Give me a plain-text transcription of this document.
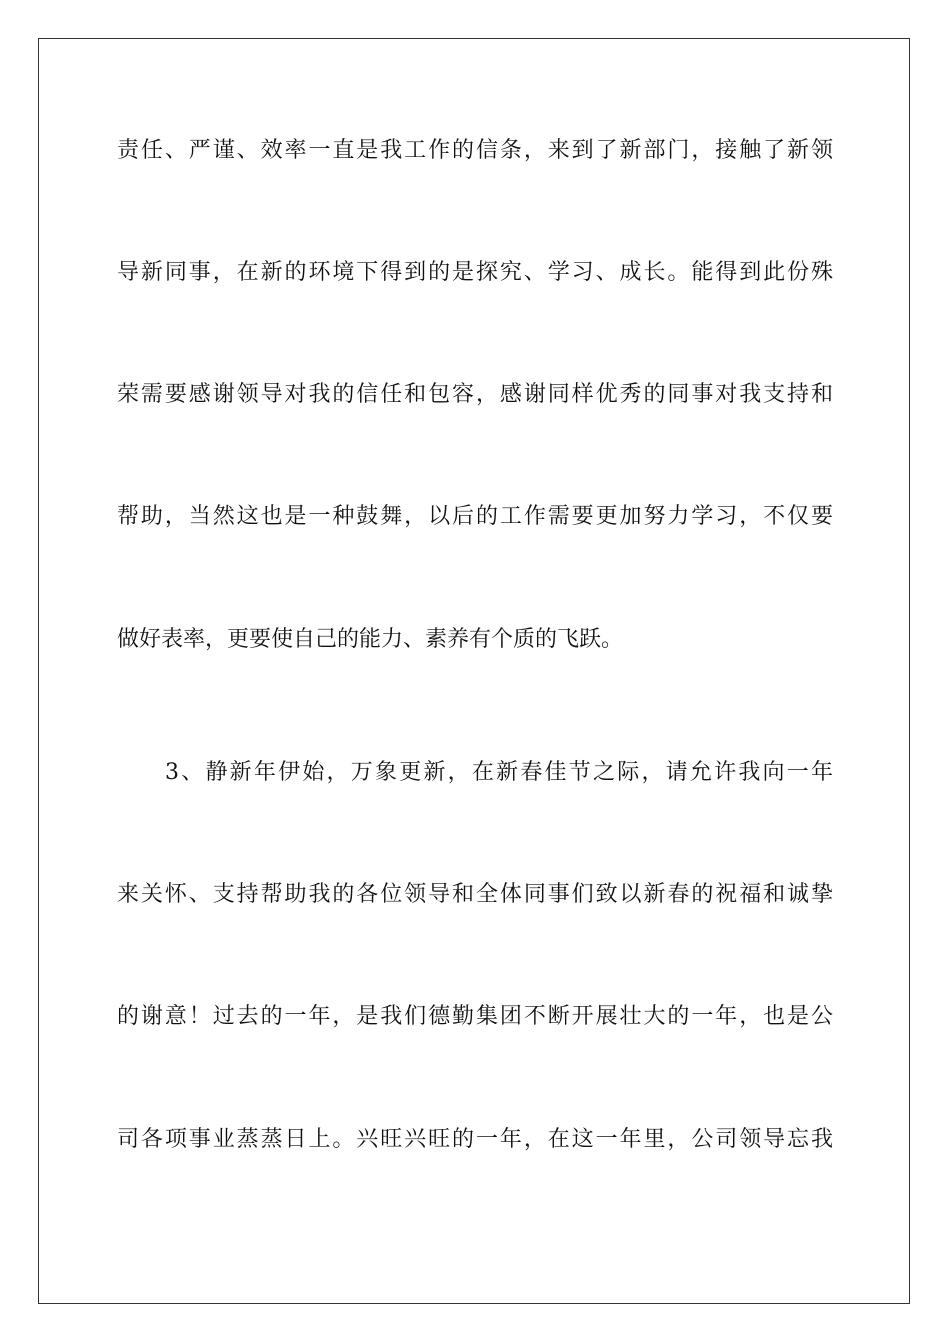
责任、严谨、效率一直是我工作的信条，来到了新部门，接触了新领
导新同事，在新的环境下得到的是探究、学习、成长。能得到此份殊
荣需要感谢领导对我的信任和包容，感谢同样优秀的同事对我支持和
帮助，当然这也是一种鼓舞，以后的工作需要更加努力学习，不仅要
做好表率，更要使自己的能力、素养有个质的飞跃。
3、静新年伊始，万象更新，在新春佳节之际，请允许我向一年
来关怀、支持帮助我的各位领导和全体同事们致以新春的祝福和诚挚
的谢意！过去的一年，是我们德勤集团不断开展壮大的一年，也是公
司各项事业蒸蒸日上。兴旺兴旺的一年，在这一年里，公司领导忘我
